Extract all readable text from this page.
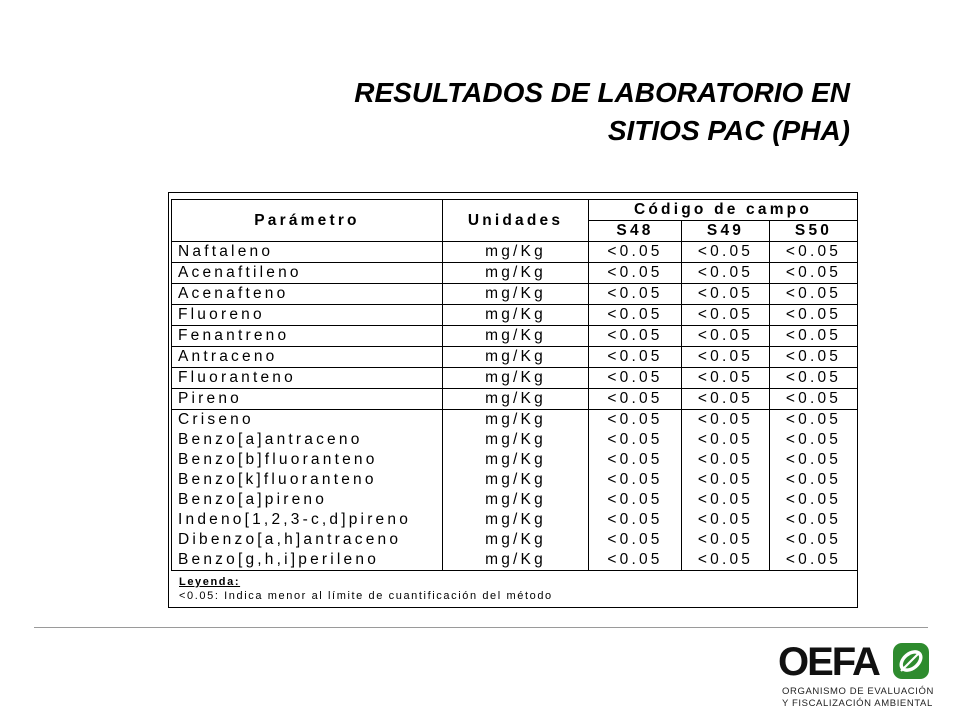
RESULTADOS DE LABORATORIO EN
SITIOS PAC (PHA)
Parámetro	Unidades	Código de campo		
		S48	S49	S50
Naftaleno	mg/Kg	<0.05	<0.05	<0.05
Acenaftileno	mg/Kg	<0.05	<0.05	<0.05
Acenafteno	mg/Kg	<0.05	<0.05	<0.05
Fluoreno	mg/Kg	<0.05	<0.05	<0.05
Fenantreno	mg/Kg	<0.05	<0.05	<0.05
Antraceno	mg/Kg	<0.05	<0.05	<0.05
Fluoranteno	mg/Kg	<0.05	<0.05	<0.05
Pireno	mg/Kg	<0.05	<0.05	<0.05
Criseno	mg/Kg	<0.05	<0.05	<0.05
Benzo[a]antraceno	mg/Kg	<0.05	<0.05	<0.05
Benzo[b]fluoranteno	mg/Kg	<0.05	<0.05	<0.05
Benzo[k]fluoranteno	mg/Kg	<0.05	<0.05	<0.05
Benzo[a]pireno	mg/Kg	<0.05	<0.05	<0.05
Indeno[1,2,3-c,d]pireno	mg/Kg	<0.05	<0.05	<0.05
Dibenzo[a,h]antraceno	mg/Kg	<0.05	<0.05	<0.05
Benzo[g,h,i]perileno	mg/Kg	<0.05	<0.05	<0.05
Leyenda:
<0.05: Indica menor al límite de cuantificación del método
OEFA
ORGANISMO DE EVALUACIÓN
Y FISCALIZACIÓN AMBIENTAL
